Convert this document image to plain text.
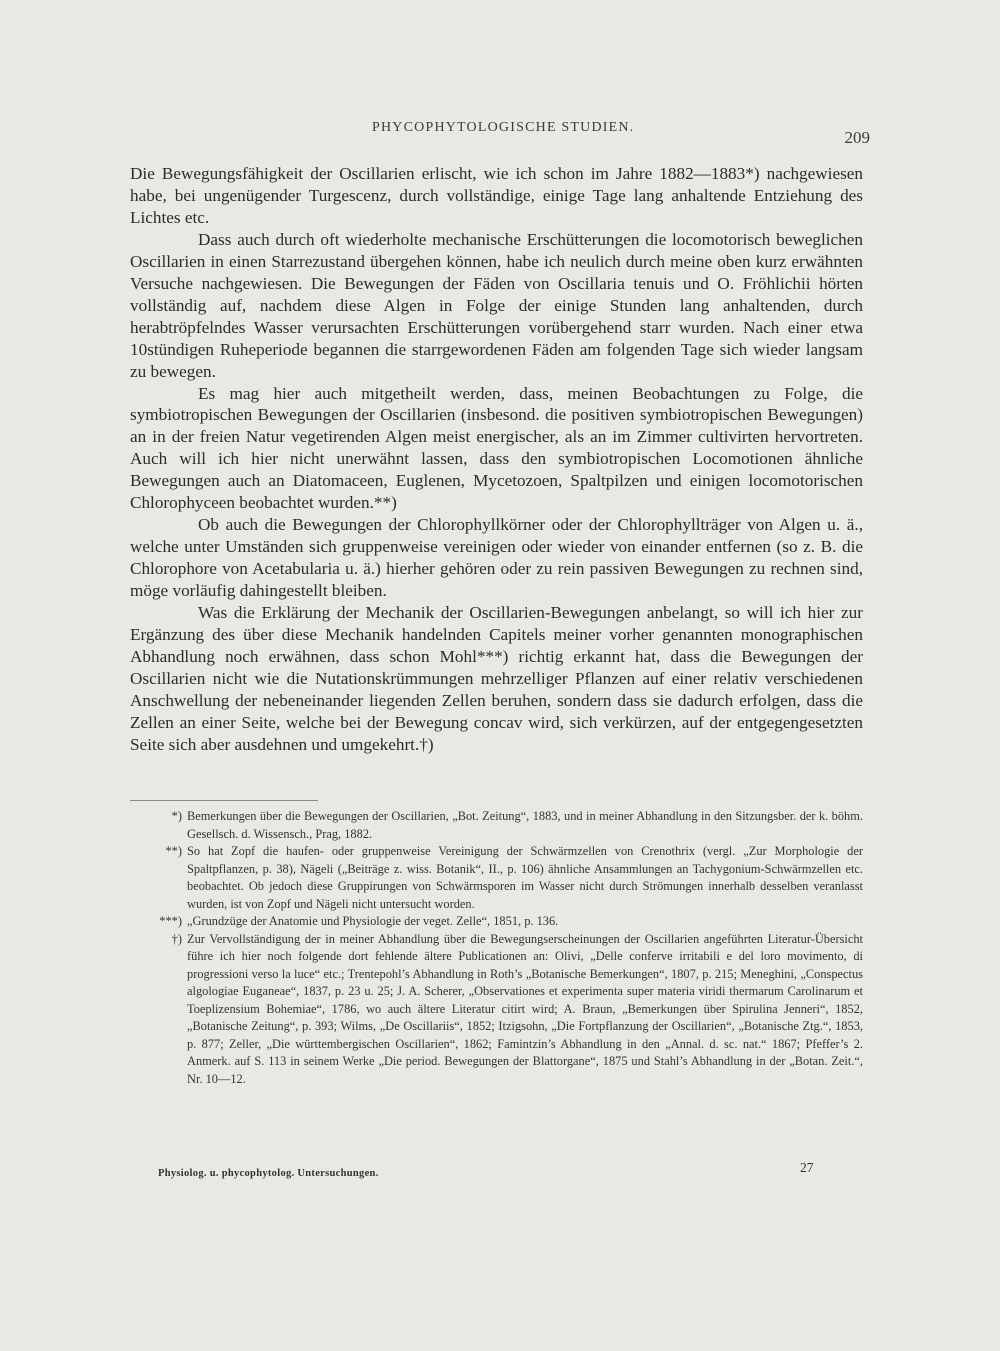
PHYCOPHYTOLOGISCHE STUDIEN.
209

Die Bewegungsfähigkeit der Oscillarien erlischt, wie ich schon im Jahre 1882—1883*) nachgewiesen habe, bei ungenügender Turgescenz, durch vollständige, einige Tage lang anhaltende Entziehung des Lichtes etc.

Dass auch durch oft wiederholte mechanische Erschütterungen die locomotorisch beweglichen Oscillarien in einen Starrezustand übergehen können, habe ich neulich durch meine oben kurz erwähnten Versuche nachgewiesen. Die Bewegungen der Fäden von Oscillaria tenuis und O. Fröhlichii hörten vollständig auf, nachdem diese Algen in Folge der einige Stunden lang anhaltenden, durch herabtröpfelndes Wasser verursachten Erschütterungen vorübergehend starr wurden. Nach einer etwa 10stündigen Ruheperiode begannen die starrgewordenen Fäden am folgenden Tage sich wieder langsam zu bewegen.

Es mag hier auch mitgetheilt werden, dass, meinen Beobachtungen zu Folge, die symbiotropischen Bewegungen der Oscillarien (insbesond. die positiven symbiotropischen Bewegungen) an in der freien Natur vegetirenden Algen meist energischer, als an im Zimmer cultivirten hervortreten. Auch will ich hier nicht unerwähnt lassen, dass den symbiotropischen Locomotionen ähnliche Bewegungen auch an Diatomaceen, Euglenen, Mycetozoen, Spaltpilzen und einigen locomotorischen Chlorophyceen beobachtet wurden.**)

Ob auch die Bewegungen der Chlorophyllkörner oder der Chlorophyllträger von Algen u. ä., welche unter Umständen sich gruppenweise vereinigen oder wieder von einander entfernen (so z. B. die Chlorophore von Acetabularia u. ä.) hierher gehören oder zu rein passiven Bewegungen zu rechnen sind, möge vorläufig dahingestellt bleiben.

Was die Erklärung der Mechanik der Oscillarien-Bewegungen anbelangt, so will ich hier zur Ergänzung des über diese Mechanik handelnden Capitels meiner vorher genannten monographischen Abhandlung noch erwähnen, dass schon Mohl***) richtig erkannt hat, dass die Bewegungen der Oscillarien nicht wie die Nutationskrümmungen mehrzelliger Pflanzen auf einer relativ verschiedenen Anschwellung der nebeneinander liegenden Zellen beruhen, sondern dass sie dadurch erfolgen, dass die Zellen an einer Seite, welche bei der Bewegung concav wird, sich verkürzen, auf der entgegengesetzten Seite sich aber ausdehnen und umgekehrt.†)

*) Bemerkungen über die Bewegungen der Oscillarien, „Bot. Zeitung“, 1883, und in meiner Abhandlung in den Sitzungsber. der k. böhm. Gesellsch. d. Wissensch., Prag, 1882.

**) So hat Zopf die haufen- oder gruppenweise Vereinigung der Schwärmzellen von Crenothrix (vergl. „Zur Morphologie der Spaltpflanzen, p. 38), Nägeli („Beiträge z. wiss. Botanik“, II., p. 106) ähnliche Ansammlungen an Tachygonium-Schwärmzellen etc. beobachtet. Ob jedoch diese Gruppirungen von Schwärmsporen im Wasser nicht durch Strömungen innerhalb desselben veranlasst wurden, ist von Zopf und Nägeli nicht untersucht worden.

***) „Grundzüge der Anatomie und Physiologie der veget. Zelle“, 1851, p. 136.

†) Zur Vervollständigung der in meiner Abhandlung über die Bewegungserscheinungen der Oscillarien angeführten Literatur-Übersicht führe ich hier noch folgende dort fehlende ältere Publicationen an: Olivi, „Delle conferve irritabili e del loro movimento, di progressioni verso la luce“ etc.; Trentepohl’s Abhandlung in Roth’s „Botanische Bemerkungen“, 1807, p. 215; Meneghini, „Conspectus algologiae Euganeae“, 1837, p. 23 u. 25; J. A. Scherer, „Observationes et experimenta super materia viridi thermarum Carolinarum et Toeplizensium Bohemiae“, 1786, wo auch ältere Literatur citirt wird; A. Braun, „Bemerkungen über Spirulina Jenneri“, 1852, „Botanische Zeitung“, p. 393; Wilms, „De Oscillariis“, 1852; Itzigsohn, „Die Fortpflanzung der Oscillarien“, „Botanische Ztg.“, 1853, p. 877; Zeller, „Die württembergischen Oscillarien“, 1862; Famintzin’s Abhandlung in den „Annal. d. sc. nat.“ 1867; Pfeffer’s 2. Anmerk. auf S. 113 in seinem Werke „Die period. Bewegungen der Blattorgane“, 1875 und Stahl’s Abhandlung in der „Botan. Zeit.“, Nr. 10—12.

Physiolog. u. phycophytolog. Untersuchungen.	27
